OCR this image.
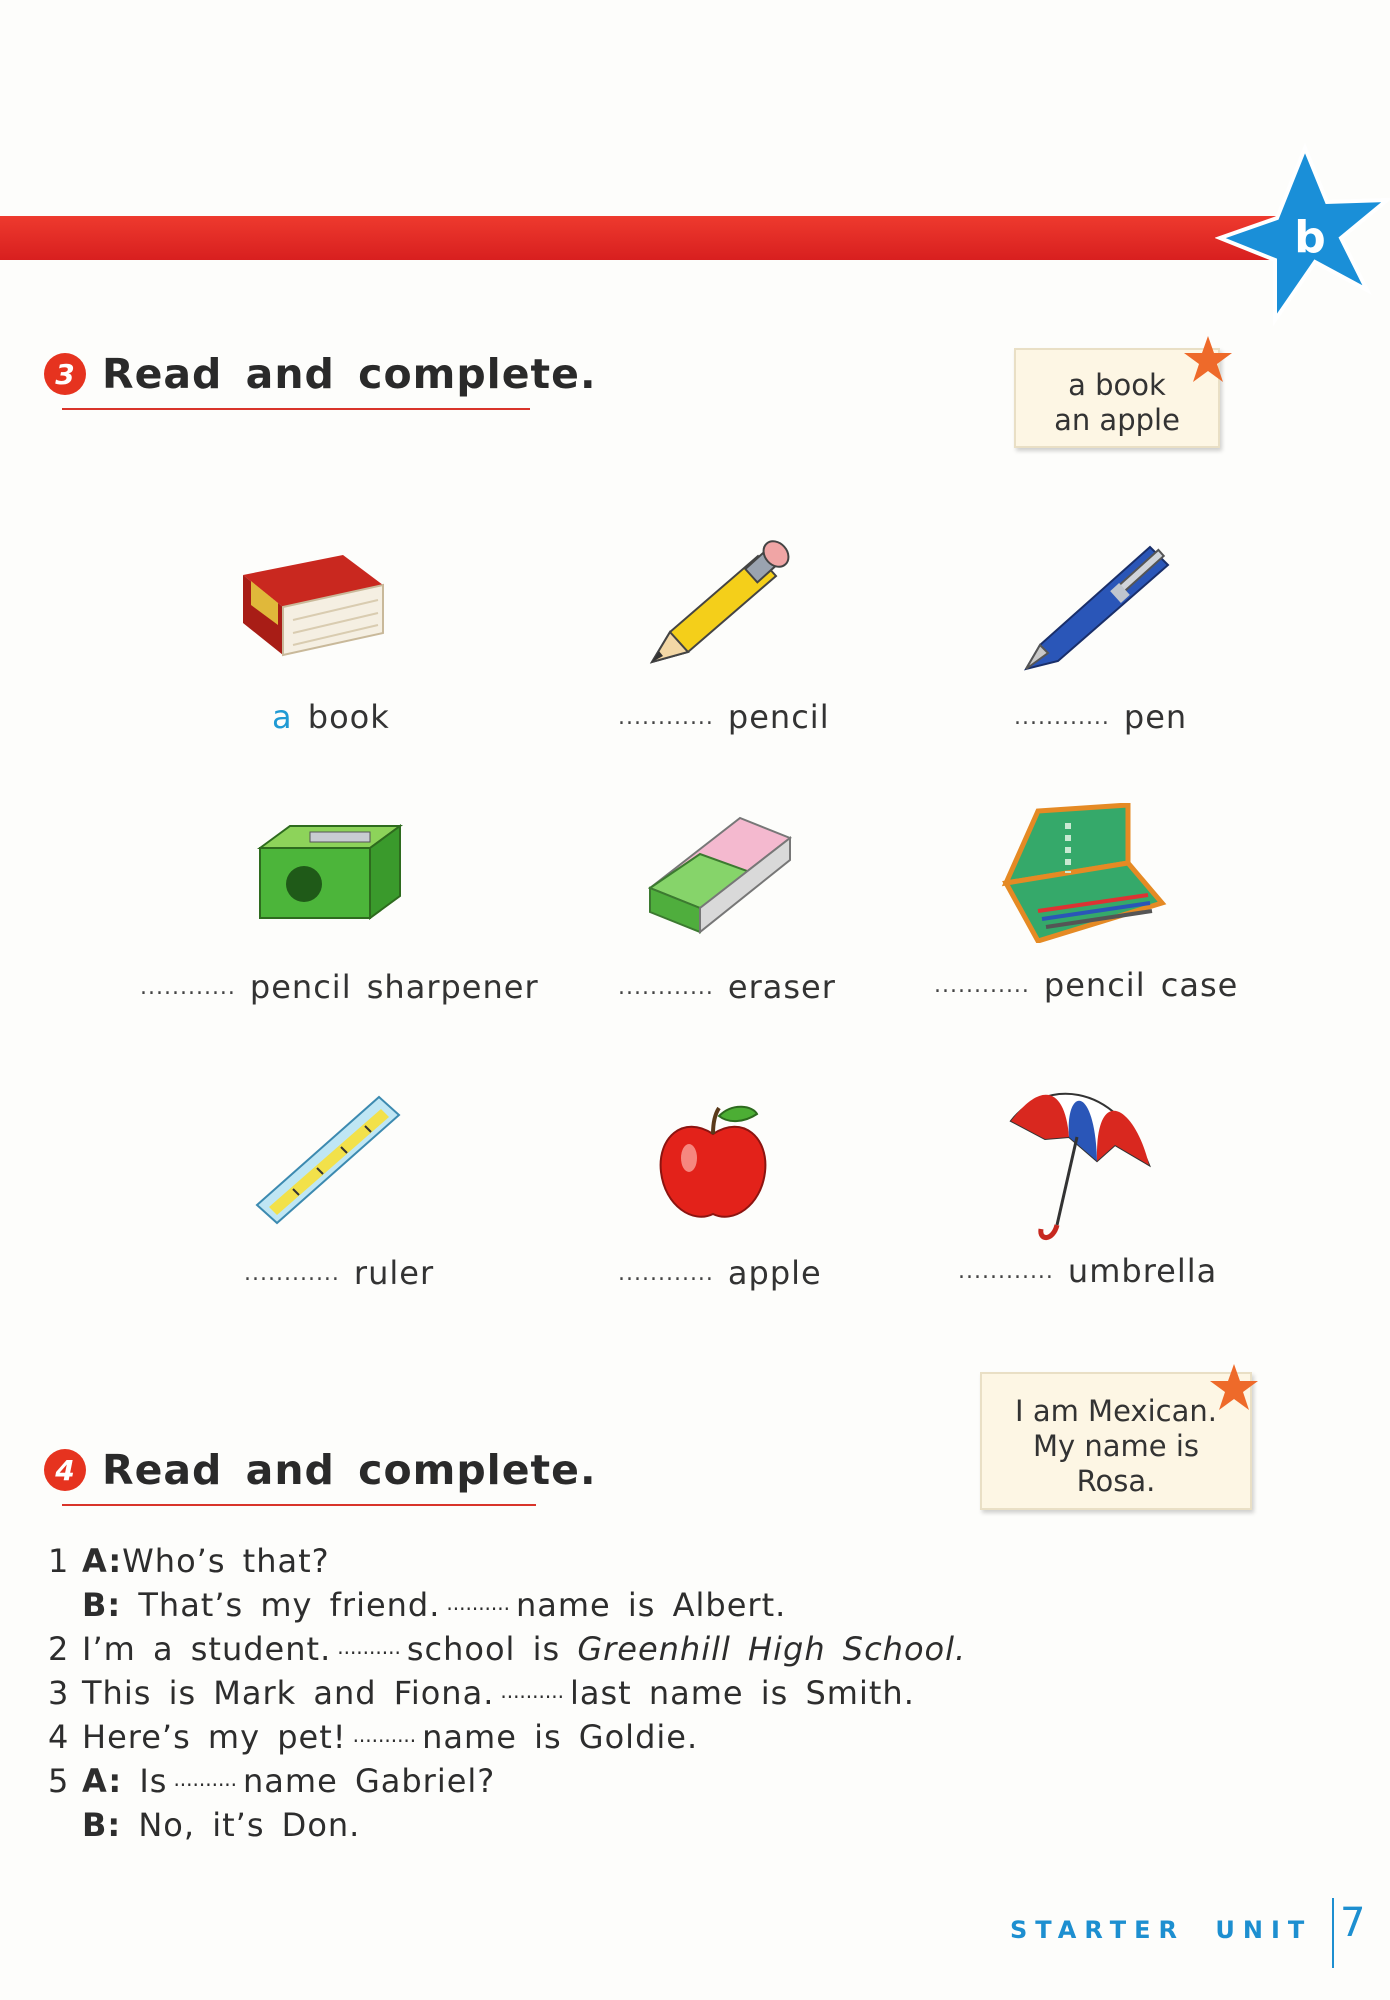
b
3 Read and complete.	a book
an apple
a book	............ pencil	............ pen
............ pencil sharpener	............ eraser	............ pencil case
............ ruler	............ apple	............ umbrella
I am Mexican.
My name is
Rosa.
4 Read and complete.
1 A:Who’s that?
B: That’s my friend. .......... name is Albert.
2 I’m a student. .......... school is Greenhill High School.
3 This is Mark and Fiona. .......... last name is Smith.
4 Here’s my pet! .......... name is Goldie.
5 A: Is .......... name Gabriel?
B: No, it’s Don.
STARTER UNIT 7
